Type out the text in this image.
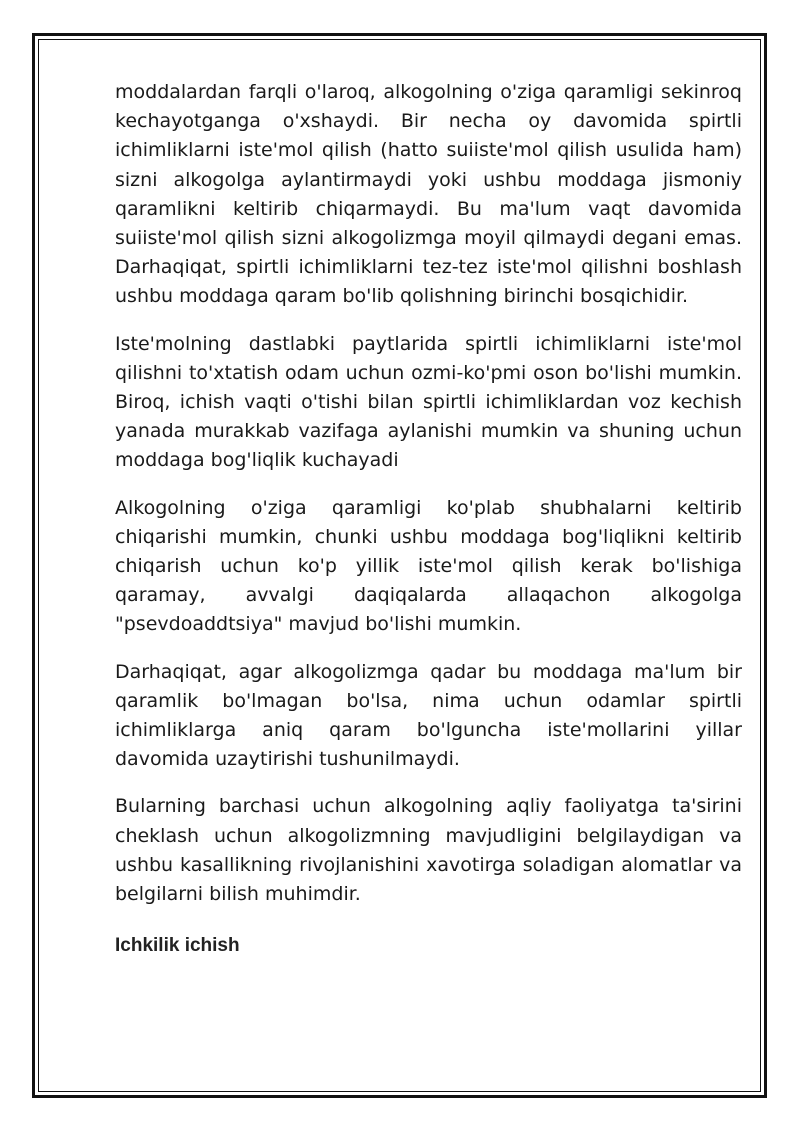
moddalardan farqli o'laroq, alkogolning o'ziga qaramligi sekinroq kechayotganga o'xshaydi. Bir necha oy davomida spirtli ichimliklarni iste'mol qilish (hatto suiiste'mol qilish usulida ham) sizni alkogolga aylantirmaydi yoki ushbu moddaga jismoniy qaramlikni keltirib chiqarmaydi. Bu ma'lum vaqt davomida suiiste'mol qilish sizni alkogolizmga moyil qilmaydi degani emas. Darhaqiqat, spirtli ichimliklarni tez-tez iste'mol qilishni boshlash ushbu moddaga qaram bo'lib qolishning birinchi bosqichidir.

Iste'molning dastlabki paytlarida spirtli ichimliklarni iste'mol qilishni to'xtatish odam uchun ozmi-ko'pmi oson bo'lishi mumkin. Biroq, ichish vaqti o'tishi bilan spirtli ichimliklardan voz kechish yanada murakkab vazifaga aylanishi mumkin va shuning uchun moddaga bog'liqlik kuchayadi

Alkogolning o'ziga qaramligi ko'plab shubhalarni keltirib chiqarishi mumkin, chunki ushbu moddaga bog'liqlikni keltirib chiqarish uchun ko'p yillik iste'mol qilish kerak bo'lishiga qaramay, avvalgi daqiqalarda allaqachon alkogolga "psevdoaddtsiya" mavjud bo'lishi mumkin.

Darhaqiqat, agar alkogolizmga qadar bu moddaga ma'lum bir qaramlik bo'lmagan bo'lsa, nima uchun odamlar spirtli ichimliklarga aniq qaram bo'lguncha iste'mollarini yillar davomida uzaytirishi tushunilmaydi.

Bularning barchasi uchun alkogolning aqliy faoliyatga ta'sirini cheklash uchun alkogolizmning mavjudligini belgilaydigan va ushbu kasallikning rivojlanishini xavotirga soladigan alomatlar va belgilarni bilish muhimdir.

Ichkilik ichish
